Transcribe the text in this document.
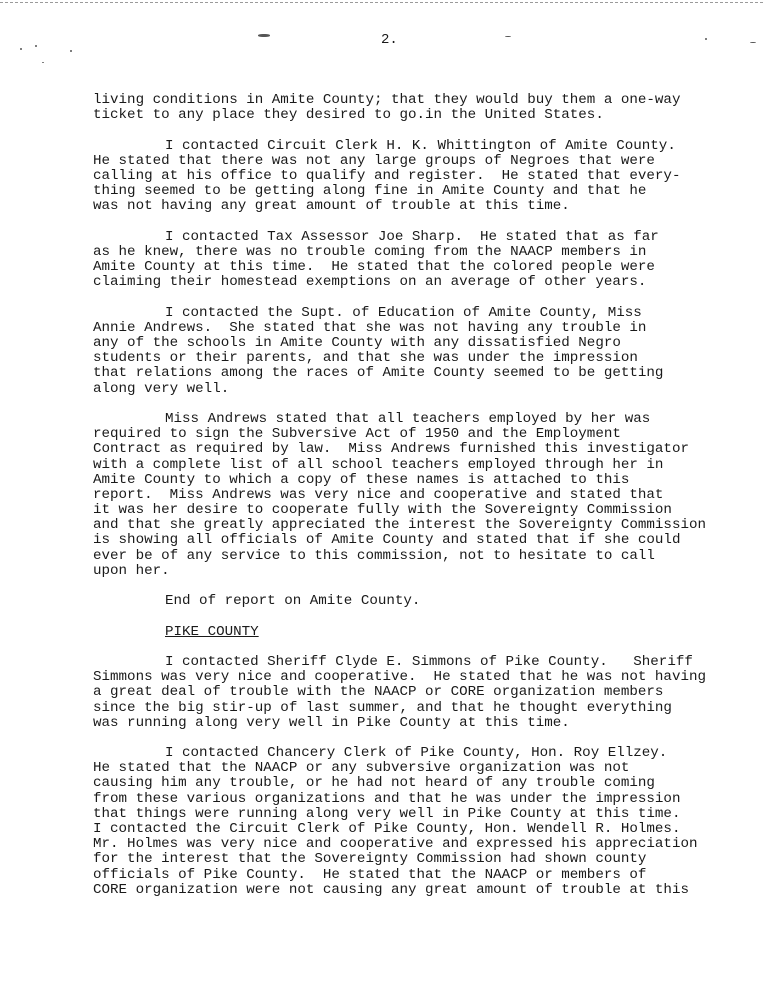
2.
living conditions in Amite County; that they would buy them a one-way
ticket to any place they desired to go.in the United States.
I contacted Circuit Clerk H. K. Whittington of Amite County.
He stated that there was not any large groups of Negroes that were
calling at his office to qualify and register.  He stated that every-
thing seemed to be getting along fine in Amite County and that he
was not having any great amount of trouble at this time.
I contacted Tax Assessor Joe Sharp.  He stated that as far
as he knew, there was no trouble coming from the NAACP members in
Amite County at this time.  He stated that the colored people were
claiming their homestead exemptions on an average of other years.
I contacted the Supt. of Education of Amite County, Miss
Annie Andrews.  She stated that she was not having any trouble in
any of the schools in Amite County with any dissatisfied Negro
students or their parents, and that she was under the impression
that relations among the races of Amite County seemed to be getting
along very well.
Miss Andrews stated that all teachers employed by her was
required to sign the Subversive Act of 1950 and the Employment
Contract as required by law.  Miss Andrews furnished this investigator
with a complete list of all school teachers employed through her in
Amite County to which a copy of these names is attached to this
report.  Miss Andrews was very nice and cooperative and stated that
it was her desire to cooperate fully with the Sovereignty Commission
and that she greatly appreciated the interest the Sovereignty Commission
is showing all officials of Amite County and stated that if she could
ever be of any service to this commission, not to hesitate to call
upon her.
End of report on Amite County.
PIKE COUNTY
I contacted Sheriff Clyde E. Simmons of Pike County.   Sheriff
Simmons was very nice and cooperative.  He stated that he was not having
a great deal of trouble with the NAACP or CORE organization members
since the big stir-up of last summer, and that he thought everything
was running along very well in Pike County at this time.
I contacted Chancery Clerk of Pike County, Hon. Roy Ellzey.
He stated that the NAACP or any subversive organization was not
causing him any trouble, or he had not heard of any trouble coming
from these various organizations and that he was under the impression
that things were running along very well in Pike County at this time.
I contacted the Circuit Clerk of Pike County, Hon. Wendell R. Holmes.
Mr. Holmes was very nice and cooperative and expressed his appreciation
for the interest that the Sovereignty Commission had shown county
officials of Pike County.  He stated that the NAACP or members of
CORE organization were not causing any great amount of trouble at this
